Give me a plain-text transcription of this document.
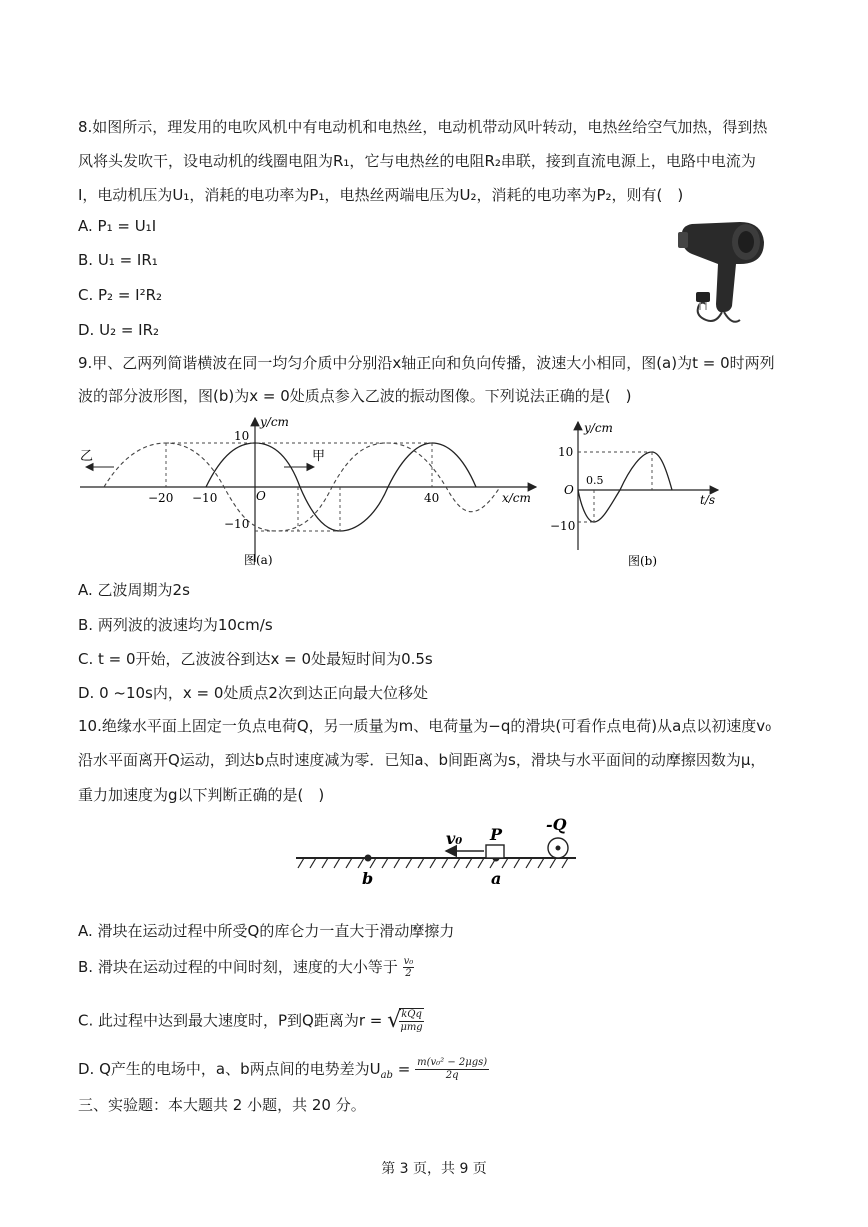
8.如图所示，理发用的电吹风机中有电动机和电热丝，电动机带动风叶转动，电热丝给空气加热，得到热
风将头发吹干，设电动机的线圈电阻为R₁，它与电热丝的电阻R₂串联，接到直流电源上，电路中电流为
I，电动机压为U₁，消耗的电功率为P₁，电热丝两端电压为U₂，消耗的电功率为P₂，则有(　)
A. P₁ = U₁I
B. U₁ = IR₁
C. P₂ = I²R₂
D. U₂ = IR₂
9.甲、乙两列简谐横波在同一均匀介质中分别沿x轴正向和负向传播，波速大小相同，图(a)为t = 0时两列
波的部分波形图，图(b)为x = 0处质点参入乙波的振动图像。下列说法正确的是(　)
乙	甲
y/cm
x/cm
10
−10
O
−20 −10	40
图(a)
y/cm
t/s
10
−10
0.5
O
图(b)
A. 乙波周期为2s
B. 两列波的波速均为10cm/s
C. t = 0开始，乙波波谷到达x = 0处最短时间为0.5s
D. 0 ~10s内，x = 0处质点2次到达正向最大位移处
10.绝缘水平面上固定一负点电荷Q，另一质量为m、电荷量为−q的滑块(可看作点电荷)从a点以初速度v₀
沿水平面离开Q运动，到达b点时速度减为零．已知a、b间距离为s，滑块与水平面间的动摩擦因数为μ，
重力加速度为g以下判断正确的是(　)
v₀ P
-Q
a
b
A. 滑块在运动过程中所受Q的库仑力一直大于滑动摩擦力
B. 滑块在运动过程的中间时刻，速度的大小等于 $\frac{\text{v₀}}{2}$
C. 此过程中达到最大速度时，P到Q距离为r = √ kQq
μmg
D. Q产生的电场中，a、b两点间的电势差为$U_{ab} = m(v_0^2 - 2\mu gs)$
2q
三、实验题：本大题共 2 小题，共 20 分。
第 3 页，共 9 页
